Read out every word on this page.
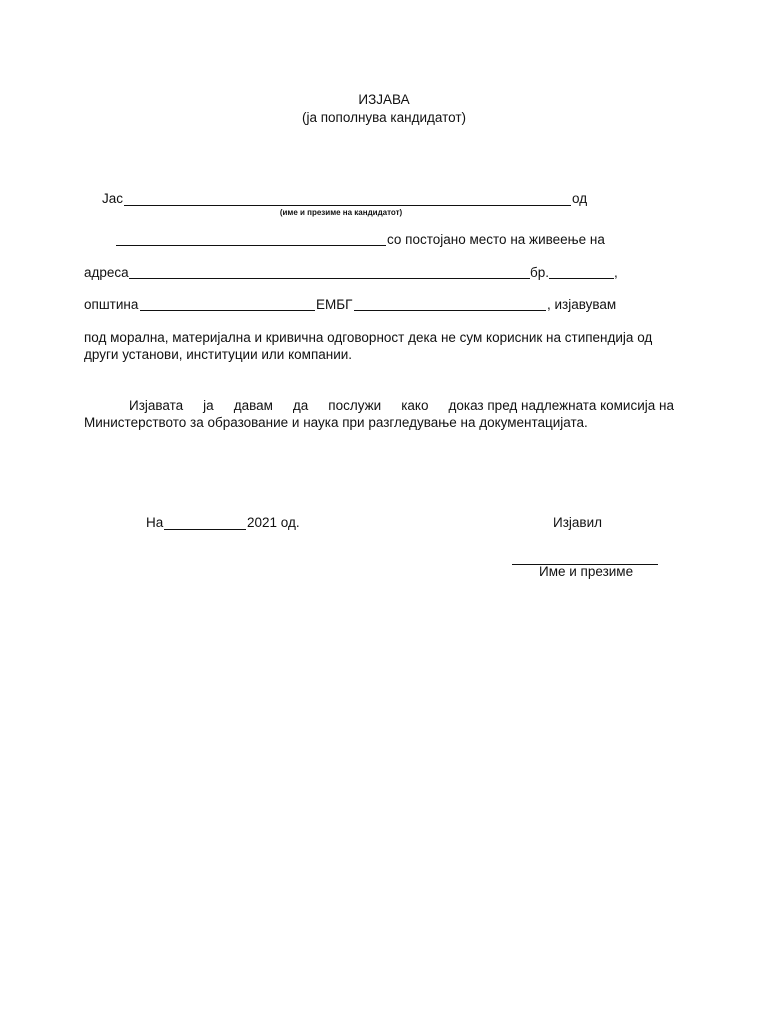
ИЗЈАВА
(ја пополнува кандидатот)
Јас	од
(име и презиме на кандидатот)
со постојано место на живеење на
адреса	бр.	,
општина	ЕМБГ	, изјавувам
под морална, материјална и кривична одговорност дека не сум корисник на стипендија од
други установи, институции или компании.
Изјавата ја давам да послужи како доказ пред надлежната комисија на
Министерството за образование и наука при разгледување на документацијата.
На	2021 од.	Изјавил
Име и презиме
